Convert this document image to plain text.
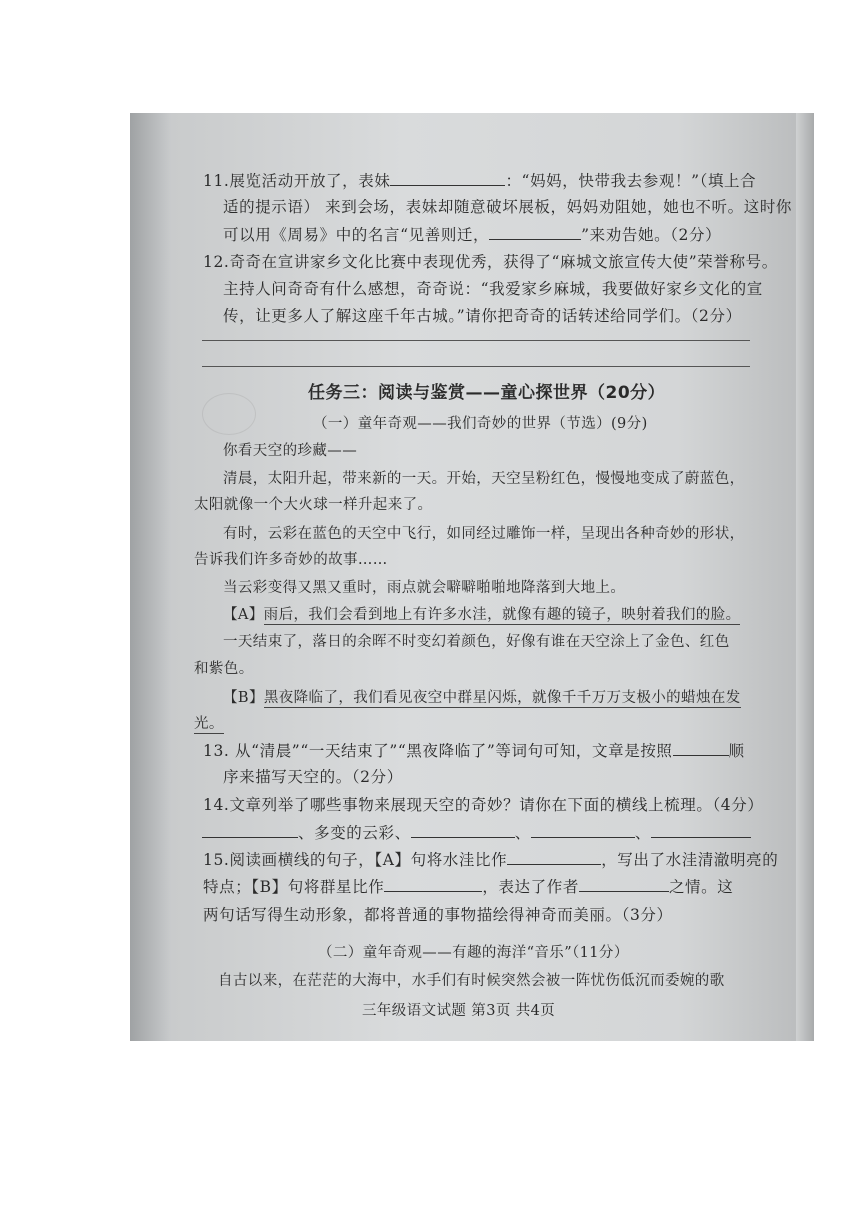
11.展览活动开放了，表妹	：“妈妈，快带我去参观！”（填上合
适的提示语） 来到会场，表妹却随意破坏展板，妈妈劝阻她，她也不听。这时你
可以用《周易》中的名言“见善则迁，	”来劝告她。（2分）
12.奇奇在宣讲家乡文化比赛中表现优秀，获得了“麻城文旅宣传大使”荣誉称号。
主持人问奇奇有什么感想，奇奇说：“我爱家乡麻城，我要做好家乡文化的宣
传，让更多人了解这座千年古城。”请你把奇奇的话转述给同学们。（2分）
任务三：阅读与鉴赏——童心探世界（20分）
（一）童年奇观——我们奇妙的世界（节选）(9分)
你看天空的珍藏——
清晨，太阳升起，带来新的一天。开始，天空呈粉红色，慢慢地变成了蔚蓝色，
太阳就像一个大火球一样升起来了。
有时，云彩在蓝色的天空中飞行，如同经过雕饰一样，呈现出各种奇妙的形状，
告诉我们许多奇妙的故事……
当云彩变得又黑又重时，雨点就会噼噼啪啪地降落到大地上。
【A】雨后，我们会看到地上有许多水洼，就像有趣的镜子，映射着我们的脸。
一天结束了，落日的余晖不时变幻着颜色，好像有谁在天空涂上了金色、红色
和紫色。
【B】黑夜降临了，我们看见夜空中群星闪烁，就像千千万万支极小的蜡烛在发
光。
13. 从“清晨”“一天结束了”“黑夜降临了”等词句可知，文章是按照	顺
序来描写天空的。（2分）
14.文章列举了哪些事物来展现天空的奇妙？请你在下面的横线上梳理。（4分）
、多变的云彩、	、	、
15.阅读画横线的句子，【A】句将水洼比作	，写出了水洼清澈明亮的
特点；【B】句将群星比作	，表达了作者	之情。这
两句话写得生动形象，都将普通的事物描绘得神奇而美丽。（3分）
（二）童年奇观——有趣的海洋“音乐”（11分）
自古以来，在茫茫的大海中，水手们有时候突然会被一阵忧伤低沉而委婉的歌
三年级语文试题 第3页 共4页
